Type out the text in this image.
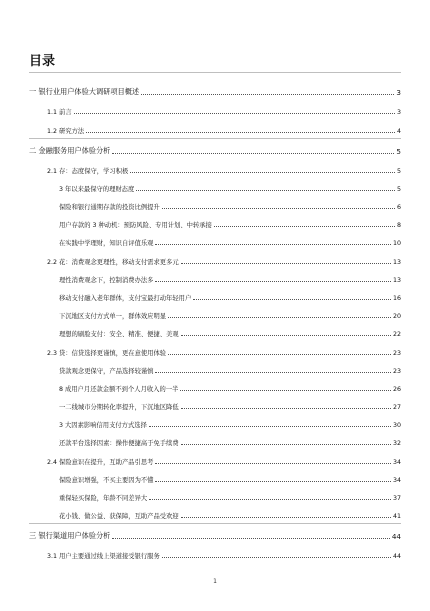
目录
一 银行业用户体验大调研项目概述	3
1.1 前言	3
1.2 研究方法	4
二 金融服务用户体验分析	5
2.1 存：态度保守，学习积极	5
3 年以来最保守的理财态度	5
保险和银行通期存款的投资比例提升	6
用户存款的 3 种动机：预防风险、专用计划、中转承接	8
在实践中学理财，知识自评值乐观	10
2.2 花：消费观念更理性，移动支付需求更多元	13
理性消费观念下，控制消费办法多	13
移动支付融入老年群体，支付宝最打动年轻用户	16
下沉地区支付方式单一，群体效应明显	20
理想的刷脸支付：安全、精准、便捷、美观	22
2.3 贷：信贷选择更谨慎，更在意使用体验	23
贷款观念更保守，产品选择较谨慎	23
8 成用户月还款金额不到个人月收入的一半	26
一二线城市分期转化率提升，下沉地区降低	27
3 大因素影响信用支付方式选择	30
还款平台选择因素：操作便捷高于免手续费	32
2.4 保险意识在提升，互助产品引思考	34
保险意识增强，不买主要因为不懂	34
重保轻买保险，年龄不同差异大	37
花小钱、做公益、获保障，互助产品受欢迎	41
三 银行渠道用户体验分析	44
3.1 用户主要通过线上渠道接受银行服务	44
1
